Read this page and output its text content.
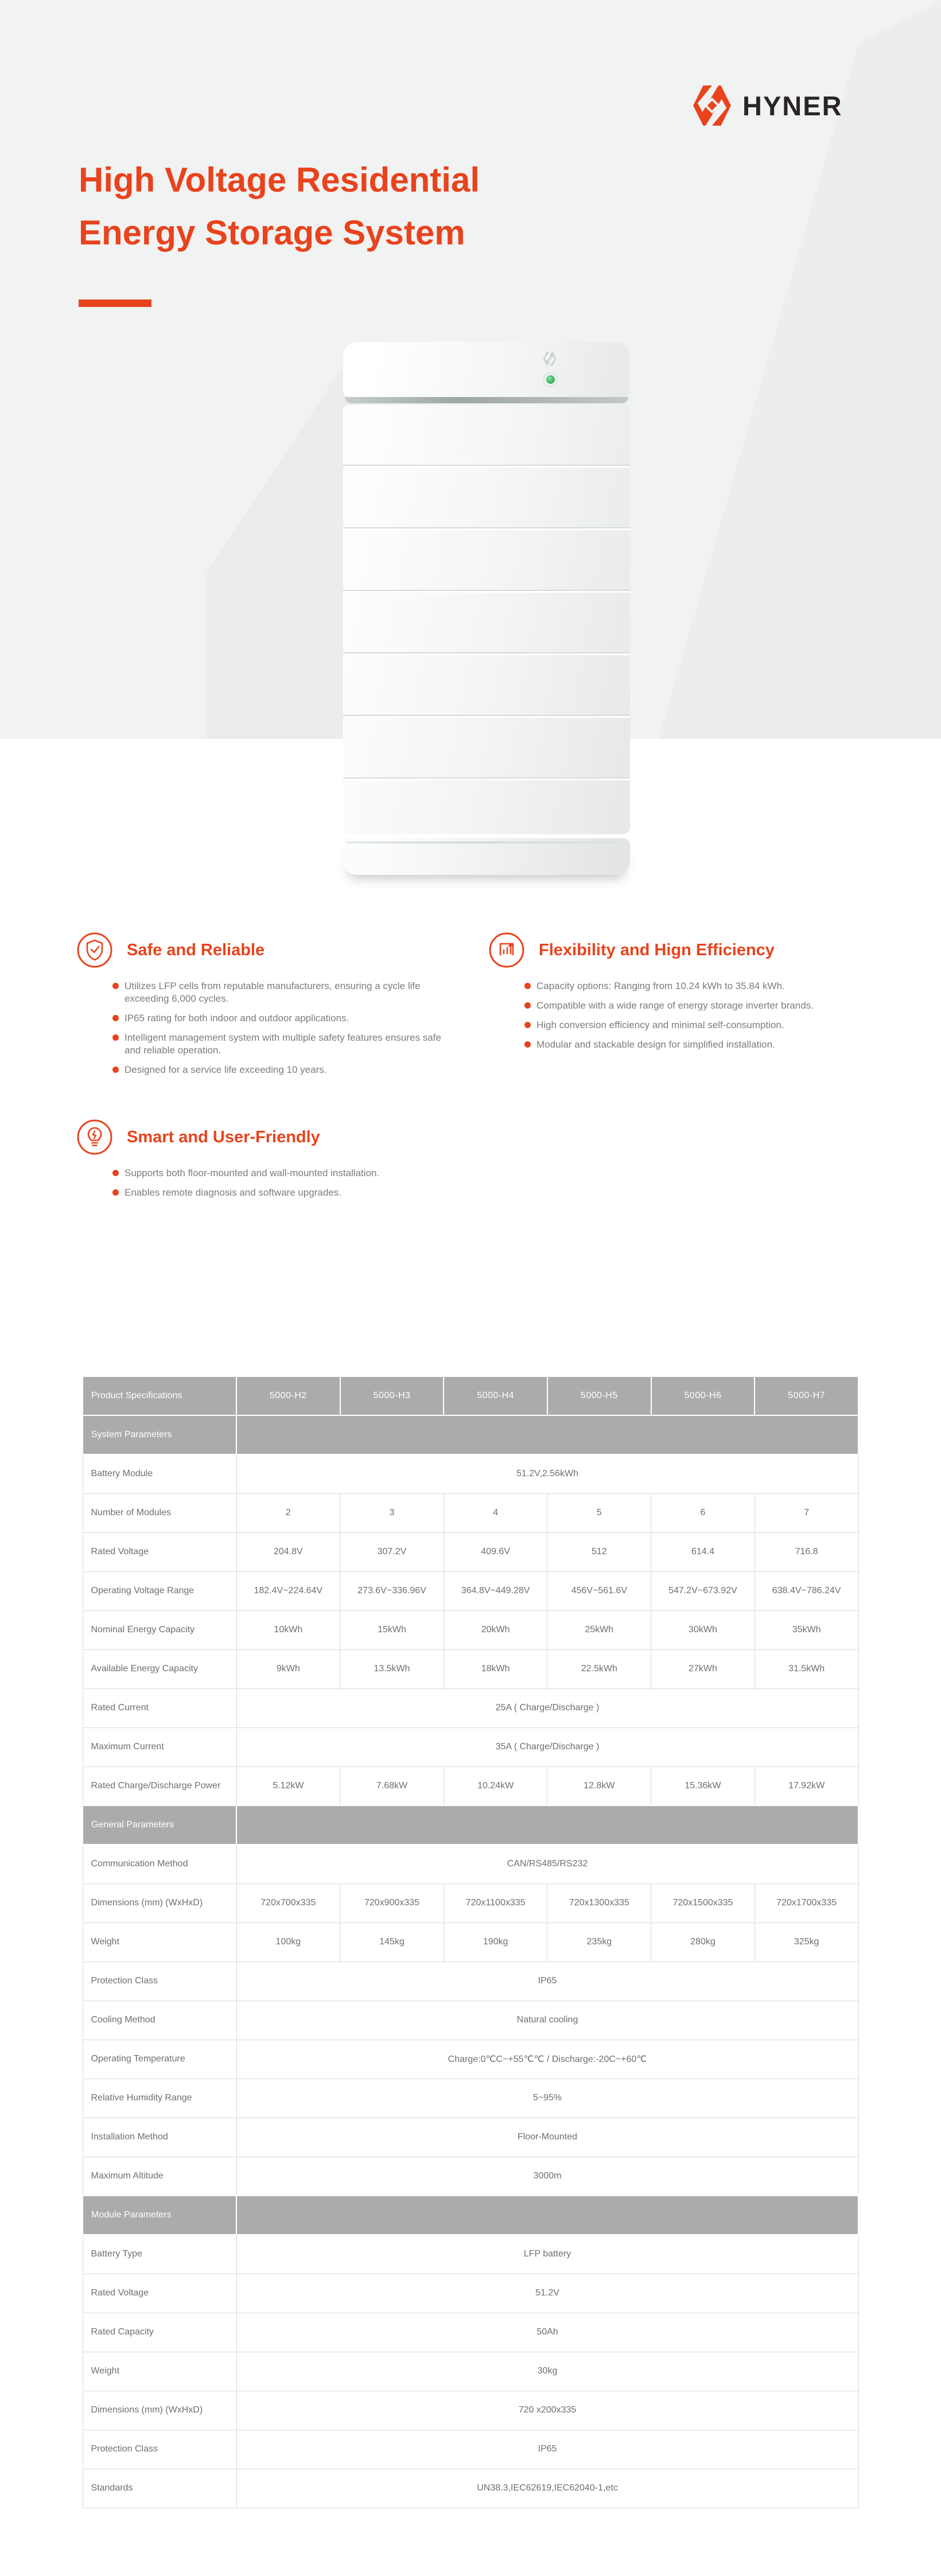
HYNER
High Voltage Residential
Energy Storage System
Safe and Reliable
Utilizes LFP cells from reputable manufacturers, ensuring a cycle life exceeding 6,000 cycles.
IP65 rating for both indoor and outdoor applications.
Intelligent management system with multiple safety features ensures safe and reliable operation.
Designed for a service life exceeding 10 years.
Flexibility and Hign Efficiency
Capacity options: Ranging from 10.24 kWh to 35.84 kWh.
Compatible with a wide range of energy storage inverter brands.
High conversion efficiency and minimal self-consumption.
Modular and stackable design for simplified installation.
Smart and User-Friendly
Supports both floor-mounted and wall-mounted installation.
Enables remote diagnosis and software upgrades.
Product Specifications	5000-H2	5000-H3	5000-H4	5000-H5	5000-H6	5000-H7
System Parameters						
Battery Module	51.2V,2.56kWh					
Number of Modules	2	3	4	5	6	7
Rated Voltage	204.8V	307.2V	409.6V	512	614.4	716.8
Operating Voltage Range	182.4V~224.64V	273.6V~336.96V	364.8V~449.28V	456V~561.6V	547.2V~673.92V	638.4V~786.24V
Nominal Energy Capacity	10kWh	15kWh	20kWh	25kWh	30kWh	35kWh
Available Energy Capacity	9kWh	13.5kWh	18kWh	22.5kWh	27kWh	31.5kWh
Rated Current	25A ( Charge/Discharge )					
Maximum Current	35A ( Charge/Discharge )					
Rated Charge/Discharge Power	5.12kW	7.68kW	10.24kW	12.8kW	15.36kW	17.92kW
General Parameters						
Communication Method	CAN/RS485/RS232					
Dimensions (mm) (WxHxD)	720x700x335	720x900x335	720x1100x335	720x1300x335	720x1500x335	720x1700x335
Weight	100kg	145kg	190kg	235kg	280kg	325kg
Protection Class	IP65					
Cooling Method	Natural cooling					
Operating Temperature	Charge:0℃C~+55℃℃ / Discharge:-20C~+60℃					
Relative Humidity Range	5~95%					
Installation Method	Floor-Mounted					
Maximum Altitude	3000m					
Module Parameters						
Battery Type	LFP battery					
Rated Voltage	51.2V					
Rated Capacity	50Ah					
Weight	30kg					
Dimensions (mm) (WxHxD)	720 x200x335					
Protection Class	IP65					
Standards	UN38.3,IEC62619,IEC62040-1,etc					
